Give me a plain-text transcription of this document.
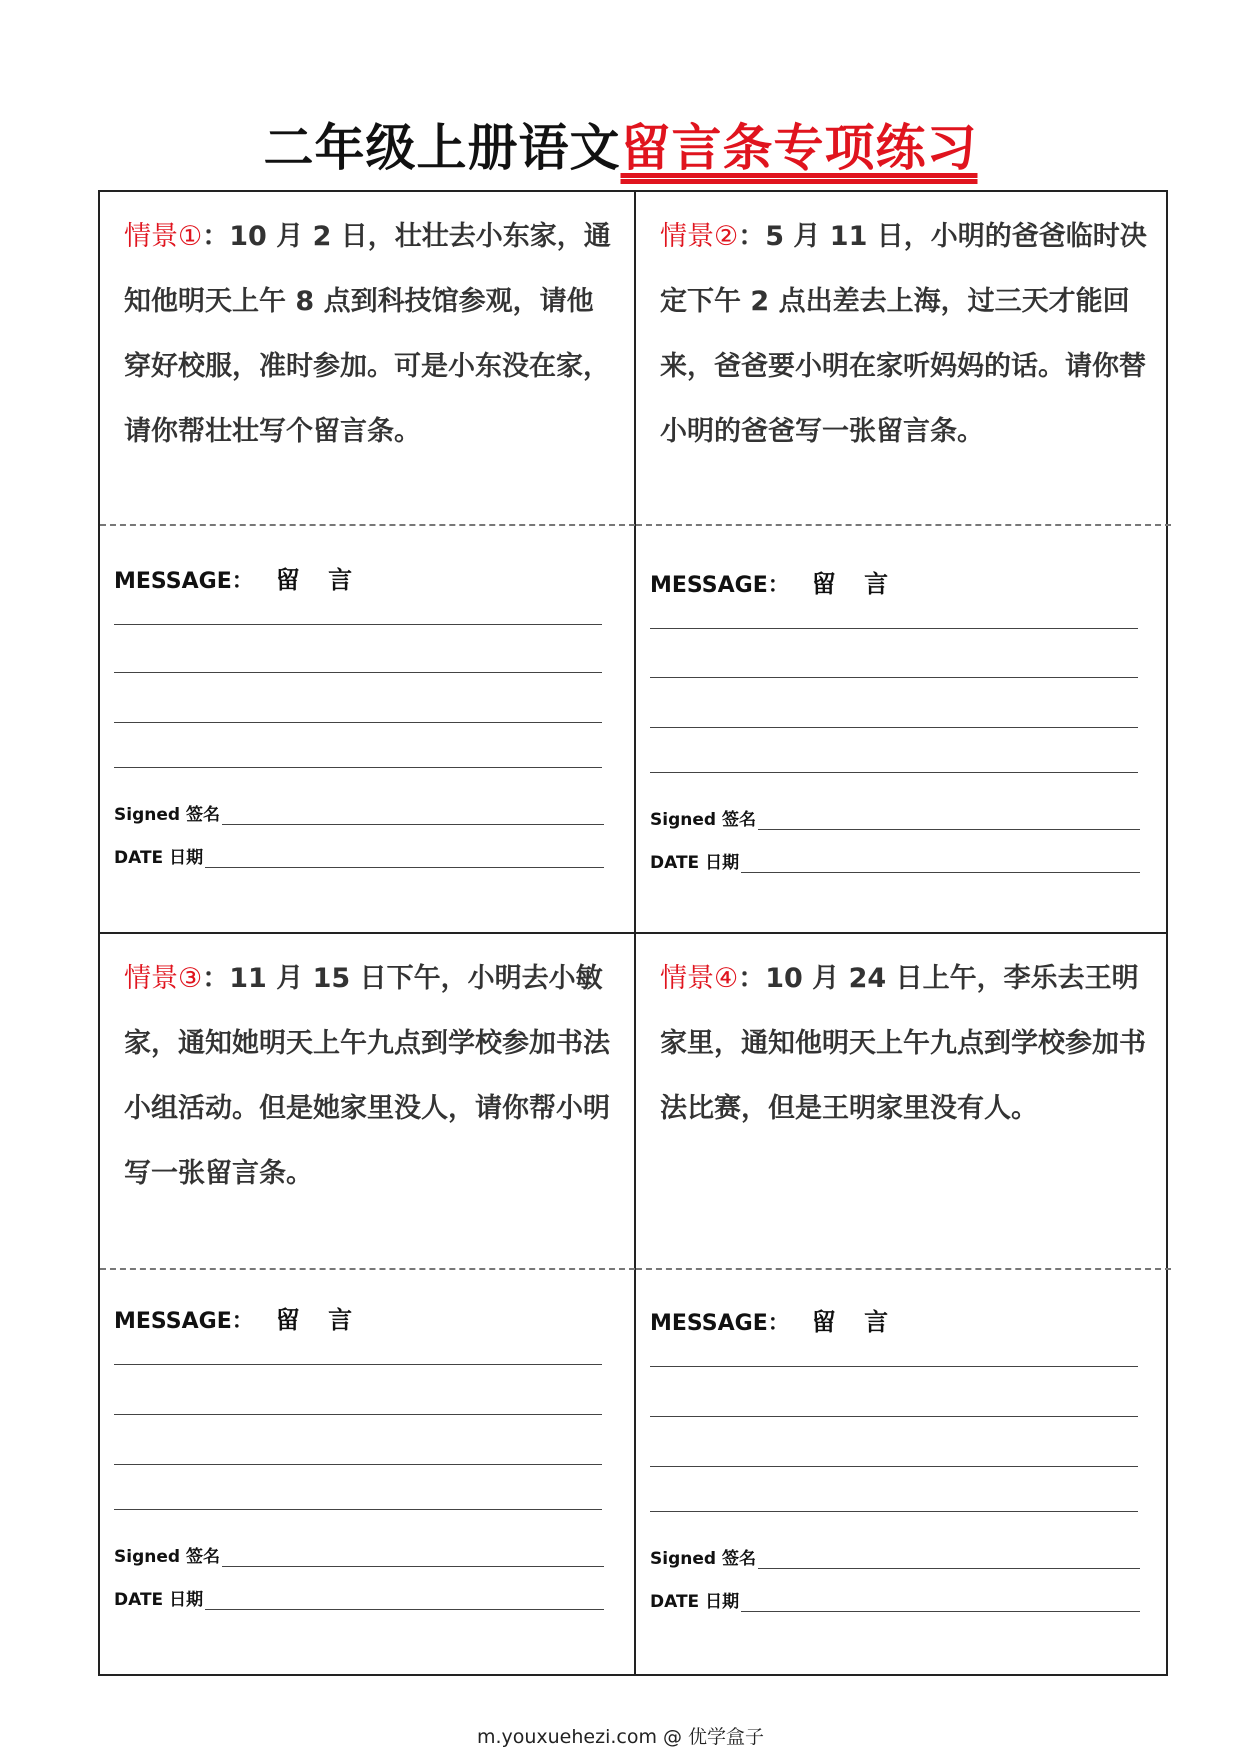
二年级上册语文留言条专项练习
情景①：10 月 2 日，壮壮去小东家，通知他明天上午 8 点到科技馆参观，请他穿好校服，准时参加。可是小东没在家，请你帮壮壮写个留言条。
MESSAGE： 留 言
Signed 签名
DATE 日期
情景②：5 月 11 日，小明的爸爸临时决定下午 2 点出差去上海，过三天才能回来，爸爸要小明在家听妈妈的话。请你替小明的爸爸写一张留言条。
MESSAGE： 留 言
Signed 签名
DATE 日期
情景③：11 月 15 日下午，小明去小敏家，通知她明天上午九点到学校参加书法小组活动。但是她家里没人，请你帮小明写一张留言条。
MESSAGE： 留 言
Signed 签名
DATE 日期
情景④：10 月 24 日上午，李乐去王明家里，通知他明天上午九点到学校参加书法比赛，但是王明家里没有人。
MESSAGE： 留 言
Signed 签名
DATE 日期
m.youxuehezi.com @ 优学盒子
